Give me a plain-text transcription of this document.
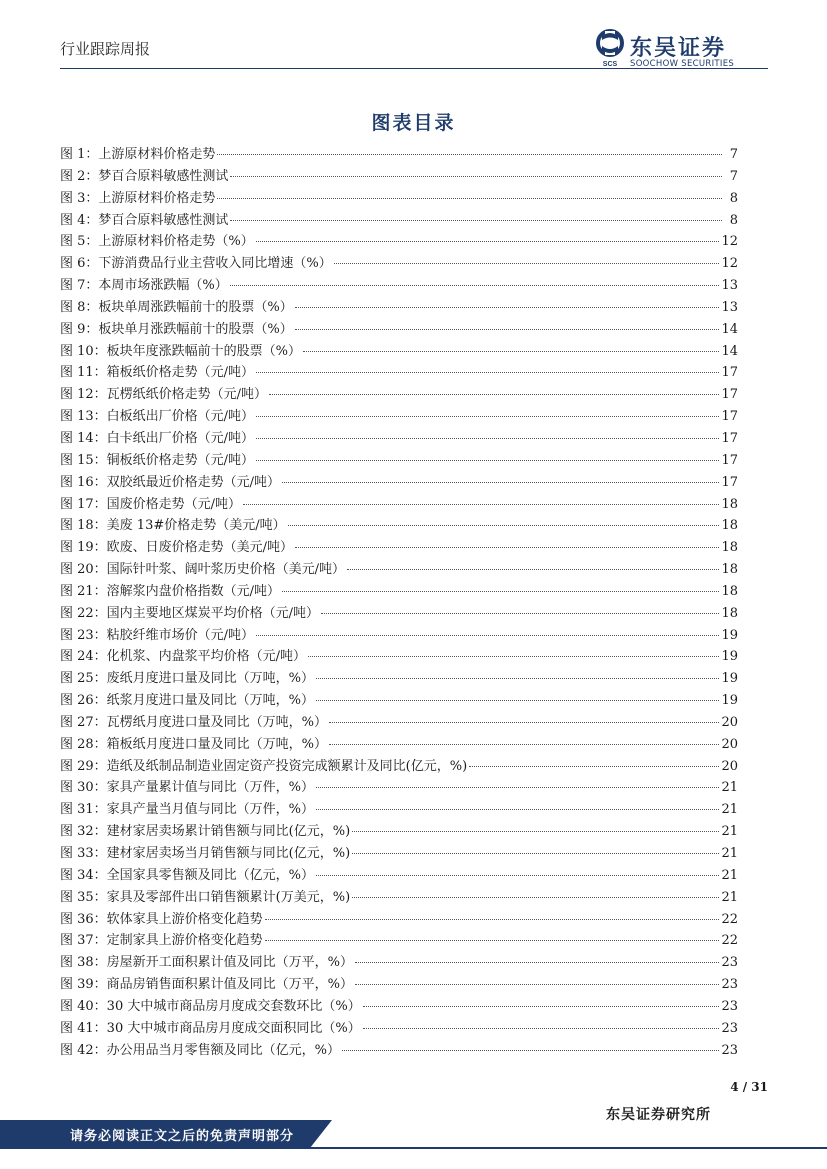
行业跟踪周报
SCS
东吴证券
SOOCHOW SECURITIES
图表目录
图 1：上游原材料价格走势	7
图 2：梦百合原料敏感性测试	7
图 3：上游原材料价格走势	8
图 4：梦百合原料敏感性测试	8
图 5：上游原材料价格走势（%）	12
图 6：下游消费品行业主营收入同比增速（%）	12
图 7：本周市场涨跌幅（%）	13
图 8：板块单周涨跌幅前十的股票（%）	13
图 9：板块单月涨跌幅前十的股票（%）	14
图 10：板块年度涨跌幅前十的股票（%）	14
图 11：箱板纸价格走势（元/吨）	17
图 12：瓦楞纸纸价格走势（元/吨）	17
图 13：白板纸出厂价格（元/吨）	17
图 14：白卡纸出厂价格（元/吨）	17
图 15：铜板纸价格走势（元/吨）	17
图 16：双胶纸最近价格走势（元/吨）	17
图 17：国废价格走势（元/吨）	18
图 18：美废 13#价格走势（美元/吨）	18
图 19：欧废、日废价格走势（美元/吨）	18
图 20：国际针叶浆、阔叶浆历史价格（美元/吨）	18
图 21：溶解浆内盘价格指数（元/吨）	18
图 22：国内主要地区煤炭平均价格（元/吨）	18
图 23：粘胶纤维市场价（元/吨）	19
图 24：化机浆、内盘浆平均价格（元/吨）	19
图 25：废纸月度进口量及同比（万吨，%）	19
图 26：纸浆月度进口量及同比（万吨，%）	19
图 27：瓦楞纸月度进口量及同比（万吨，%）	20
图 28：箱板纸月度进口量及同比（万吨，%）	20
图 29：造纸及纸制品制造业固定资产投资完成额累计及同比(亿元，%)	20
图 30：家具产量累计值与同比（万件，%）	21
图 31：家具产量当月值与同比（万件，%）	21
图 32：建材家居卖场累计销售额与同比(亿元，%)	21
图 33：建材家居卖场当月销售额与同比(亿元，%)	21
图 34：全国家具零售额及同比（亿元，%）	21
图 35：家具及零部件出口销售额累计(万美元，%)	21
图 36：软体家具上游价格变化趋势	22
图 37：定制家具上游价格变化趋势	22
图 38：房屋新开工面积累计值及同比（万平，%）	23
图 39：商品房销售面积累计值及同比（万平，%）	23
图 40：30 大中城市商品房月度成交套数环比（%）	23
图 41：30 大中城市商品房月度成交面积同比（%）	23
图 42：办公用品当月零售额及同比（亿元，%）	23
4 / 31
东吴证券研究所
请务必阅读正文之后的免责声明部分
